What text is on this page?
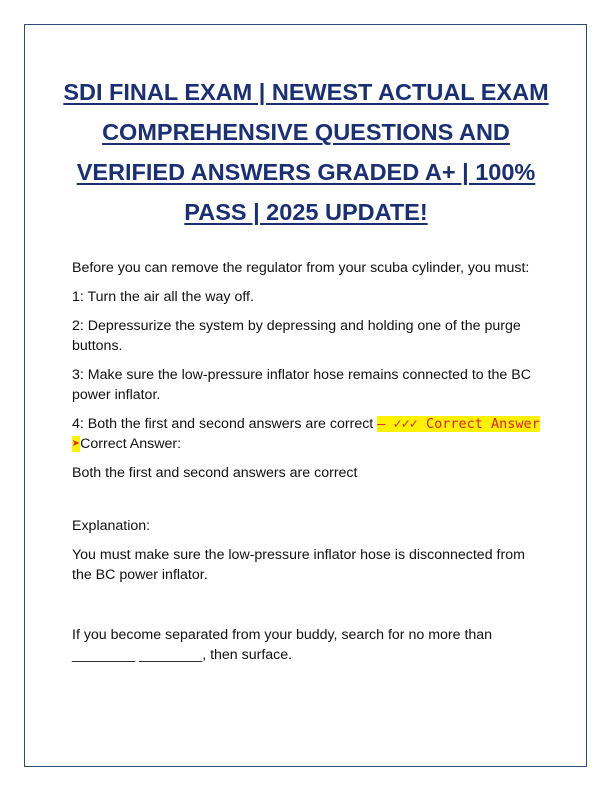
SDI FINAL EXAM | NEWEST ACTUAL EXAM COMPREHENSIVE QUESTIONS AND VERIFIED ANSWERS GRADED A+ | 100% PASS | 2025 UPDATE!

Before you can remove the regulator from your scuba cylinder, you must:

1: Turn the air all the way off.

2: Depressurize the system by depressing and holding one of the purge buttons.

3: Make sure the low-pressure inflator hose remains connected to the BC power inflator.

4: Both the first and second answers are correct – ✓✓✓ Correct Answer ➤Correct Answer:

Both the first and second answers are correct

Explanation:

You must make sure the low-pressure inflator hose is disconnected from the BC power inflator.

If you become separated from your buddy, search for no more than ________ ________, then surface.
